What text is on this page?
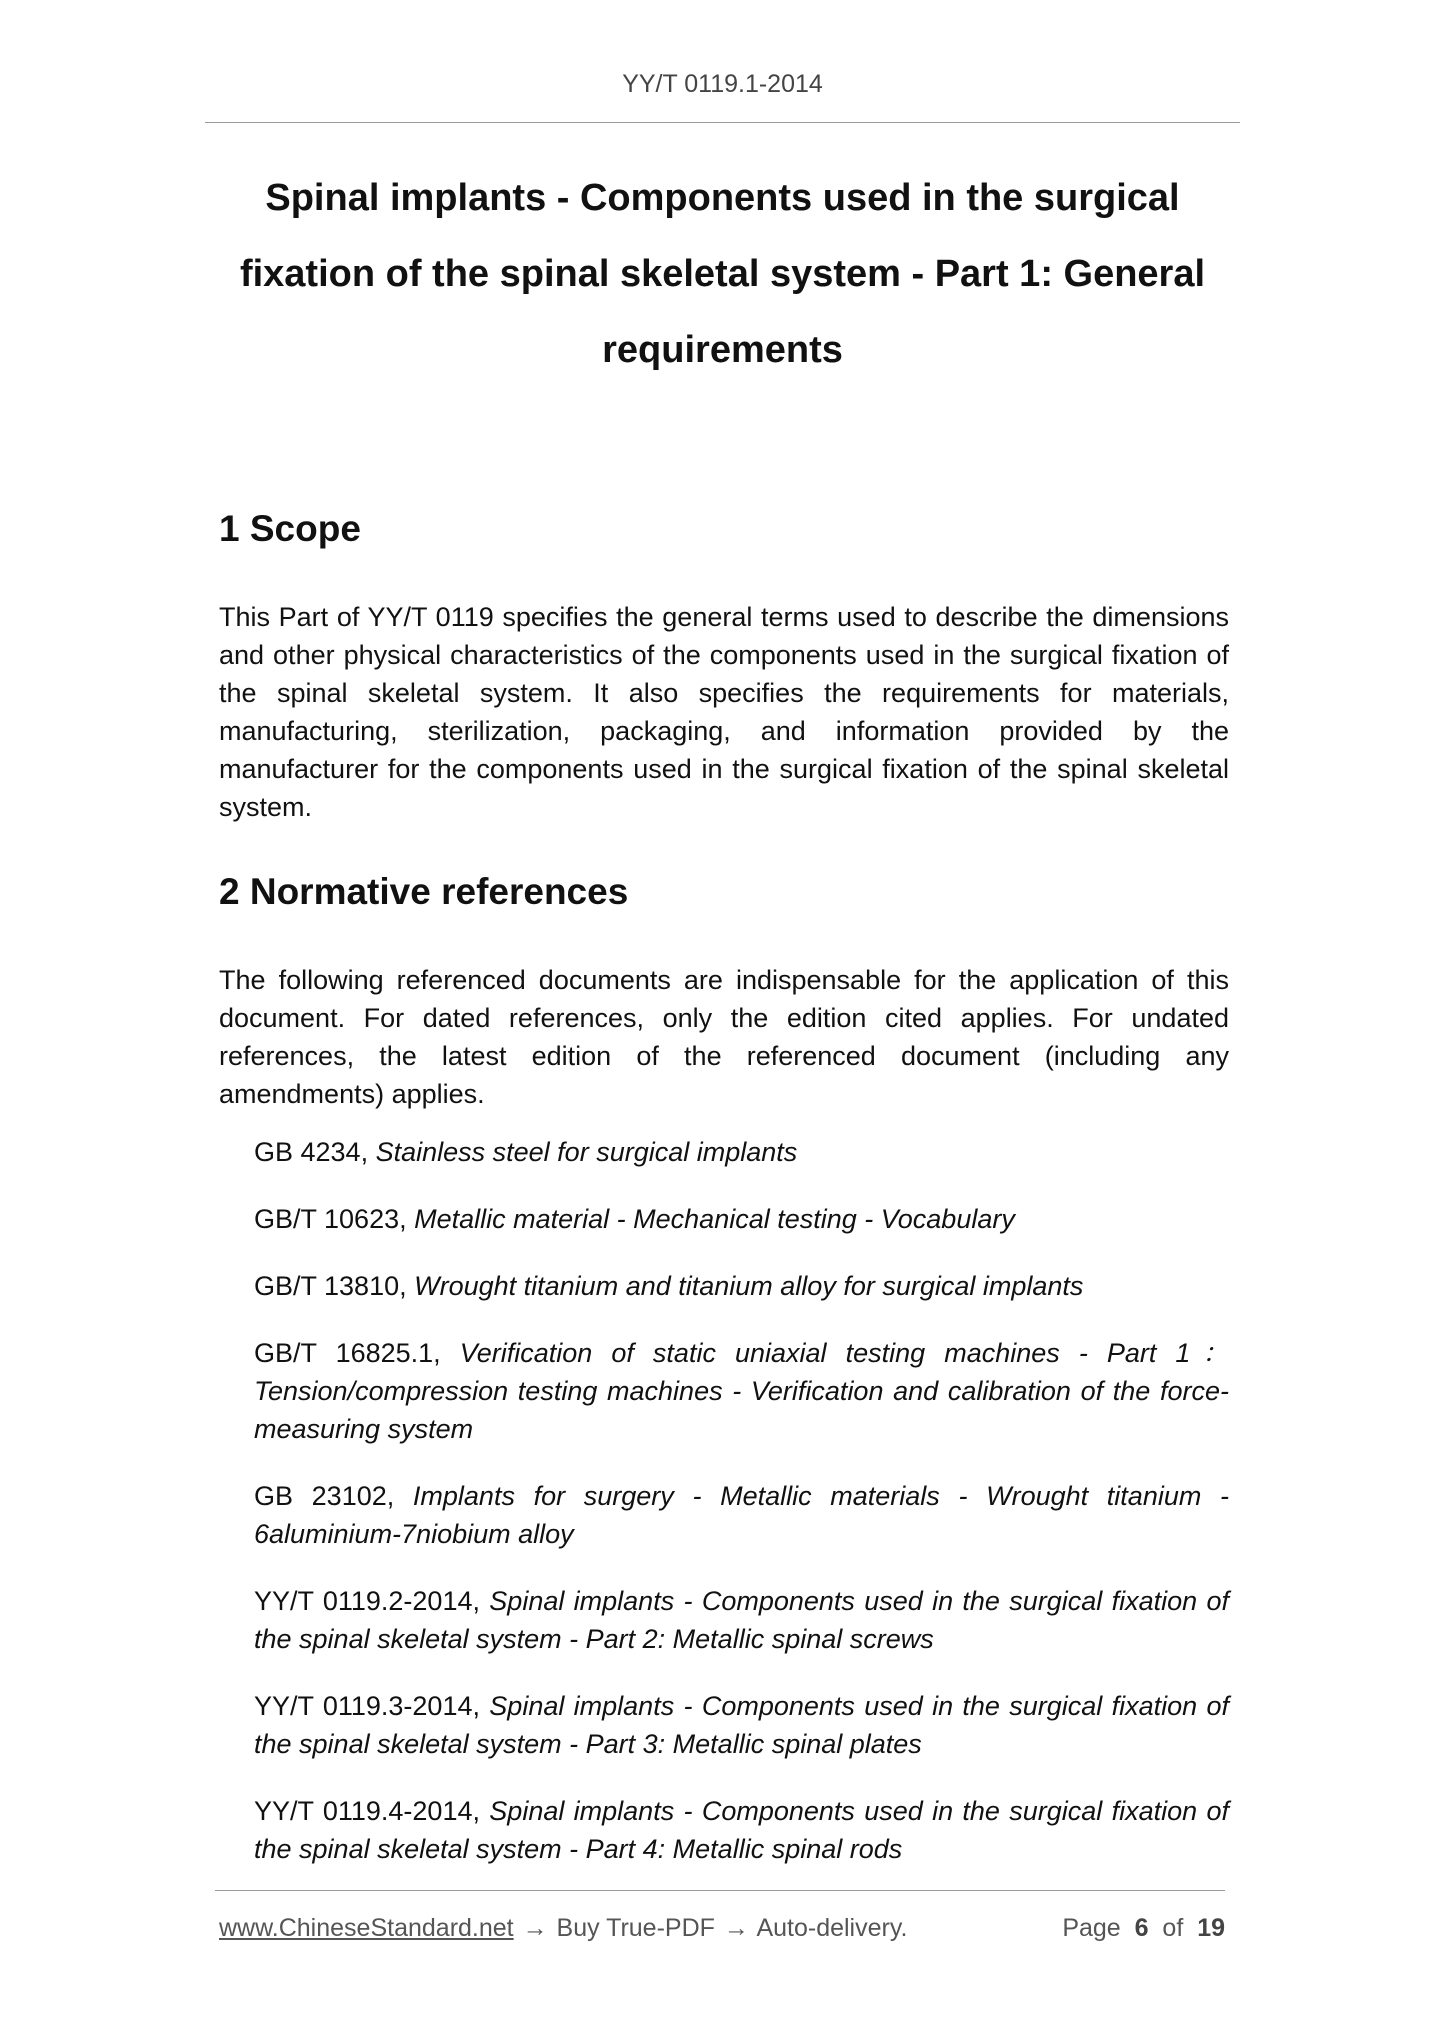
YY/T 0119.1-2014
Spinal implants - Components used in the surgical fixation of the spinal skeletal system - Part 1: General requirements
1 Scope

This Part of YY/T 0119 specifies the general terms used to describe the dimensions and other physical characteristics of the components used in the surgical fixation of the spinal skeletal system. It also specifies the requirements for materials, manufacturing, sterilization, packaging, and information provided by the manufacturer for the components used in the surgical fixation of the spinal skeletal system.

2 Normative references

The following referenced documents are indispensable for the application of this document. For dated references, only the edition cited applies. For undated references, the latest edition of the referenced document (including any amendments) applies.

GB 4234, Stainless steel for surgical implants
GB/T 10623, Metallic material - Mechanical testing - Vocabulary
GB/T 13810, Wrought titanium and titanium alloy for surgical implants
GB/T 16825.1, Verification of static uniaxial testing machines - Part 1： Tension/compression testing machines - Verification and calibration of the force-measuring system
GB 23102, Implants for surgery - Metallic materials - Wrought titanium - 6aluminium-7niobium alloy
YY/T 0119.2-2014, Spinal implants - Components used in the surgical fixation of the spinal skeletal system - Part 2: Metallic spinal screws
YY/T 0119.3-2014, Spinal implants - Components used in the surgical fixation of the spinal skeletal system - Part 3: Metallic spinal plates
YY/T 0119.4-2014, Spinal implants - Components used in the surgical fixation of the spinal skeletal system - Part 4: Metallic spinal rods
www.ChineseStandard.net → Buy True-PDF → Auto-delivery.	Page 6 of 19
